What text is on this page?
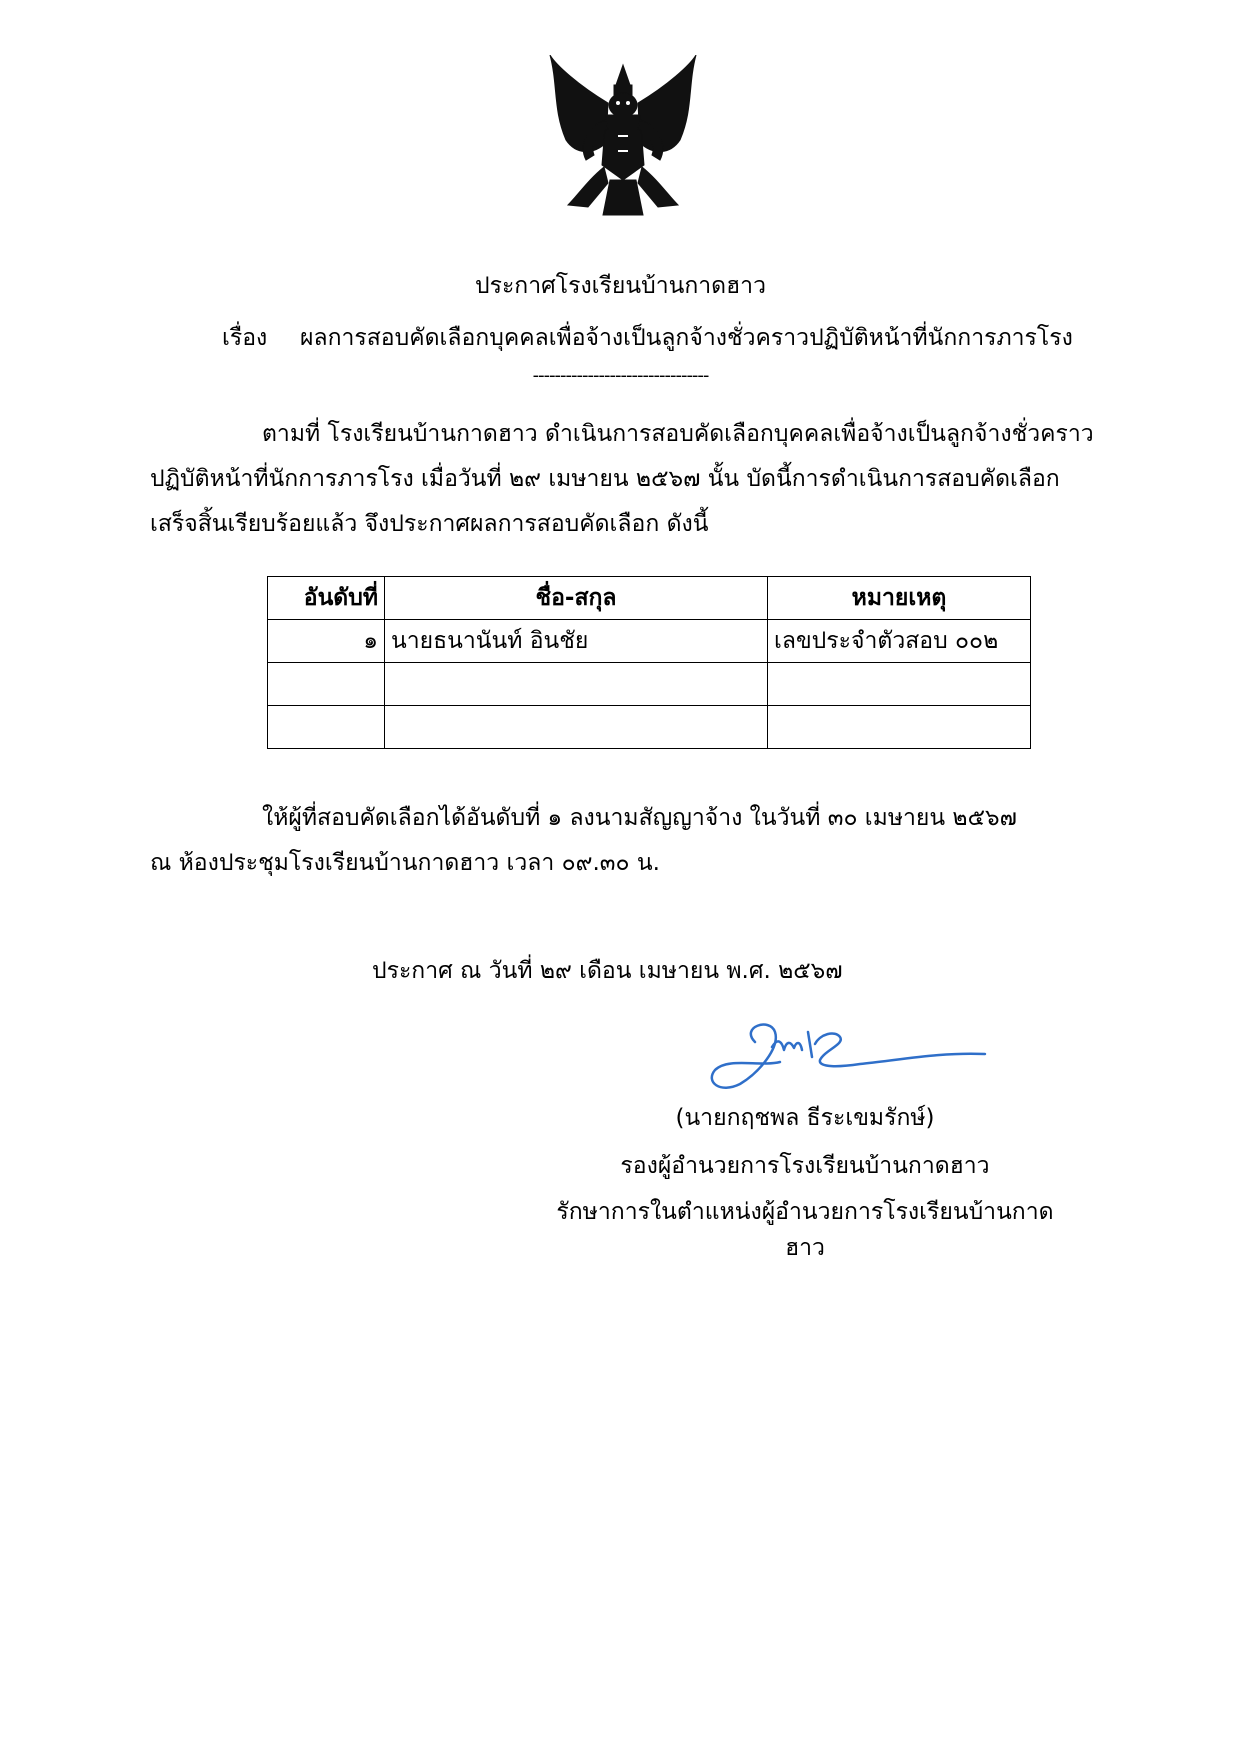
ประกาศโรงเรียนบ้านกาดฮาว
เรื่อง ผลการสอบคัดเลือกบุคคลเพื่อจ้างเป็นลูกจ้างชั่วคราวปฏิบัติหน้าที่นักการภารโรง
--------------------------------
ตามที่ โรงเรียนบ้านกาดฮาว ดำเนินการสอบคัดเลือกบุคคลเพื่อจ้างเป็นลูกจ้างชั่วคราว
ปฏิบัติหน้าที่นักการภารโรง เมื่อวันที่ ๒๙ เมษายน ๒๕๖๗ นั้น บัดนี้การดำเนินการสอบคัดเลือก
เสร็จสิ้นเรียบร้อยแล้ว จึงประกาศผลการสอบคัดเลือก ดังนี้
อันดับที่	ชื่อ-สกุล	หมายเหตุ
๑	นายธนานันท์ อินชัย	เลขประจำตัวสอบ ๐๐๒

ให้ผู้ที่สอบคัดเลือกได้อันดับที่ ๑ ลงนามสัญญาจ้าง ในวันที่ ๓๐ เมษายน ๒๕๖๗
ณ ห้องประชุมโรงเรียนบ้านกาดฮาว เวลา ๐๙.๓๐ น.
ประกาศ ณ วันที่ ๒๙ เดือน เมษายน พ.ศ. ๒๕๖๗
(นายกฤชพล ธีระเขมรักษ์)
รองผู้อำนวยการโรงเรียนบ้านกาดฮาว
รักษาการในตำแหน่งผู้อำนวยการโรงเรียนบ้านกาดฮาว
